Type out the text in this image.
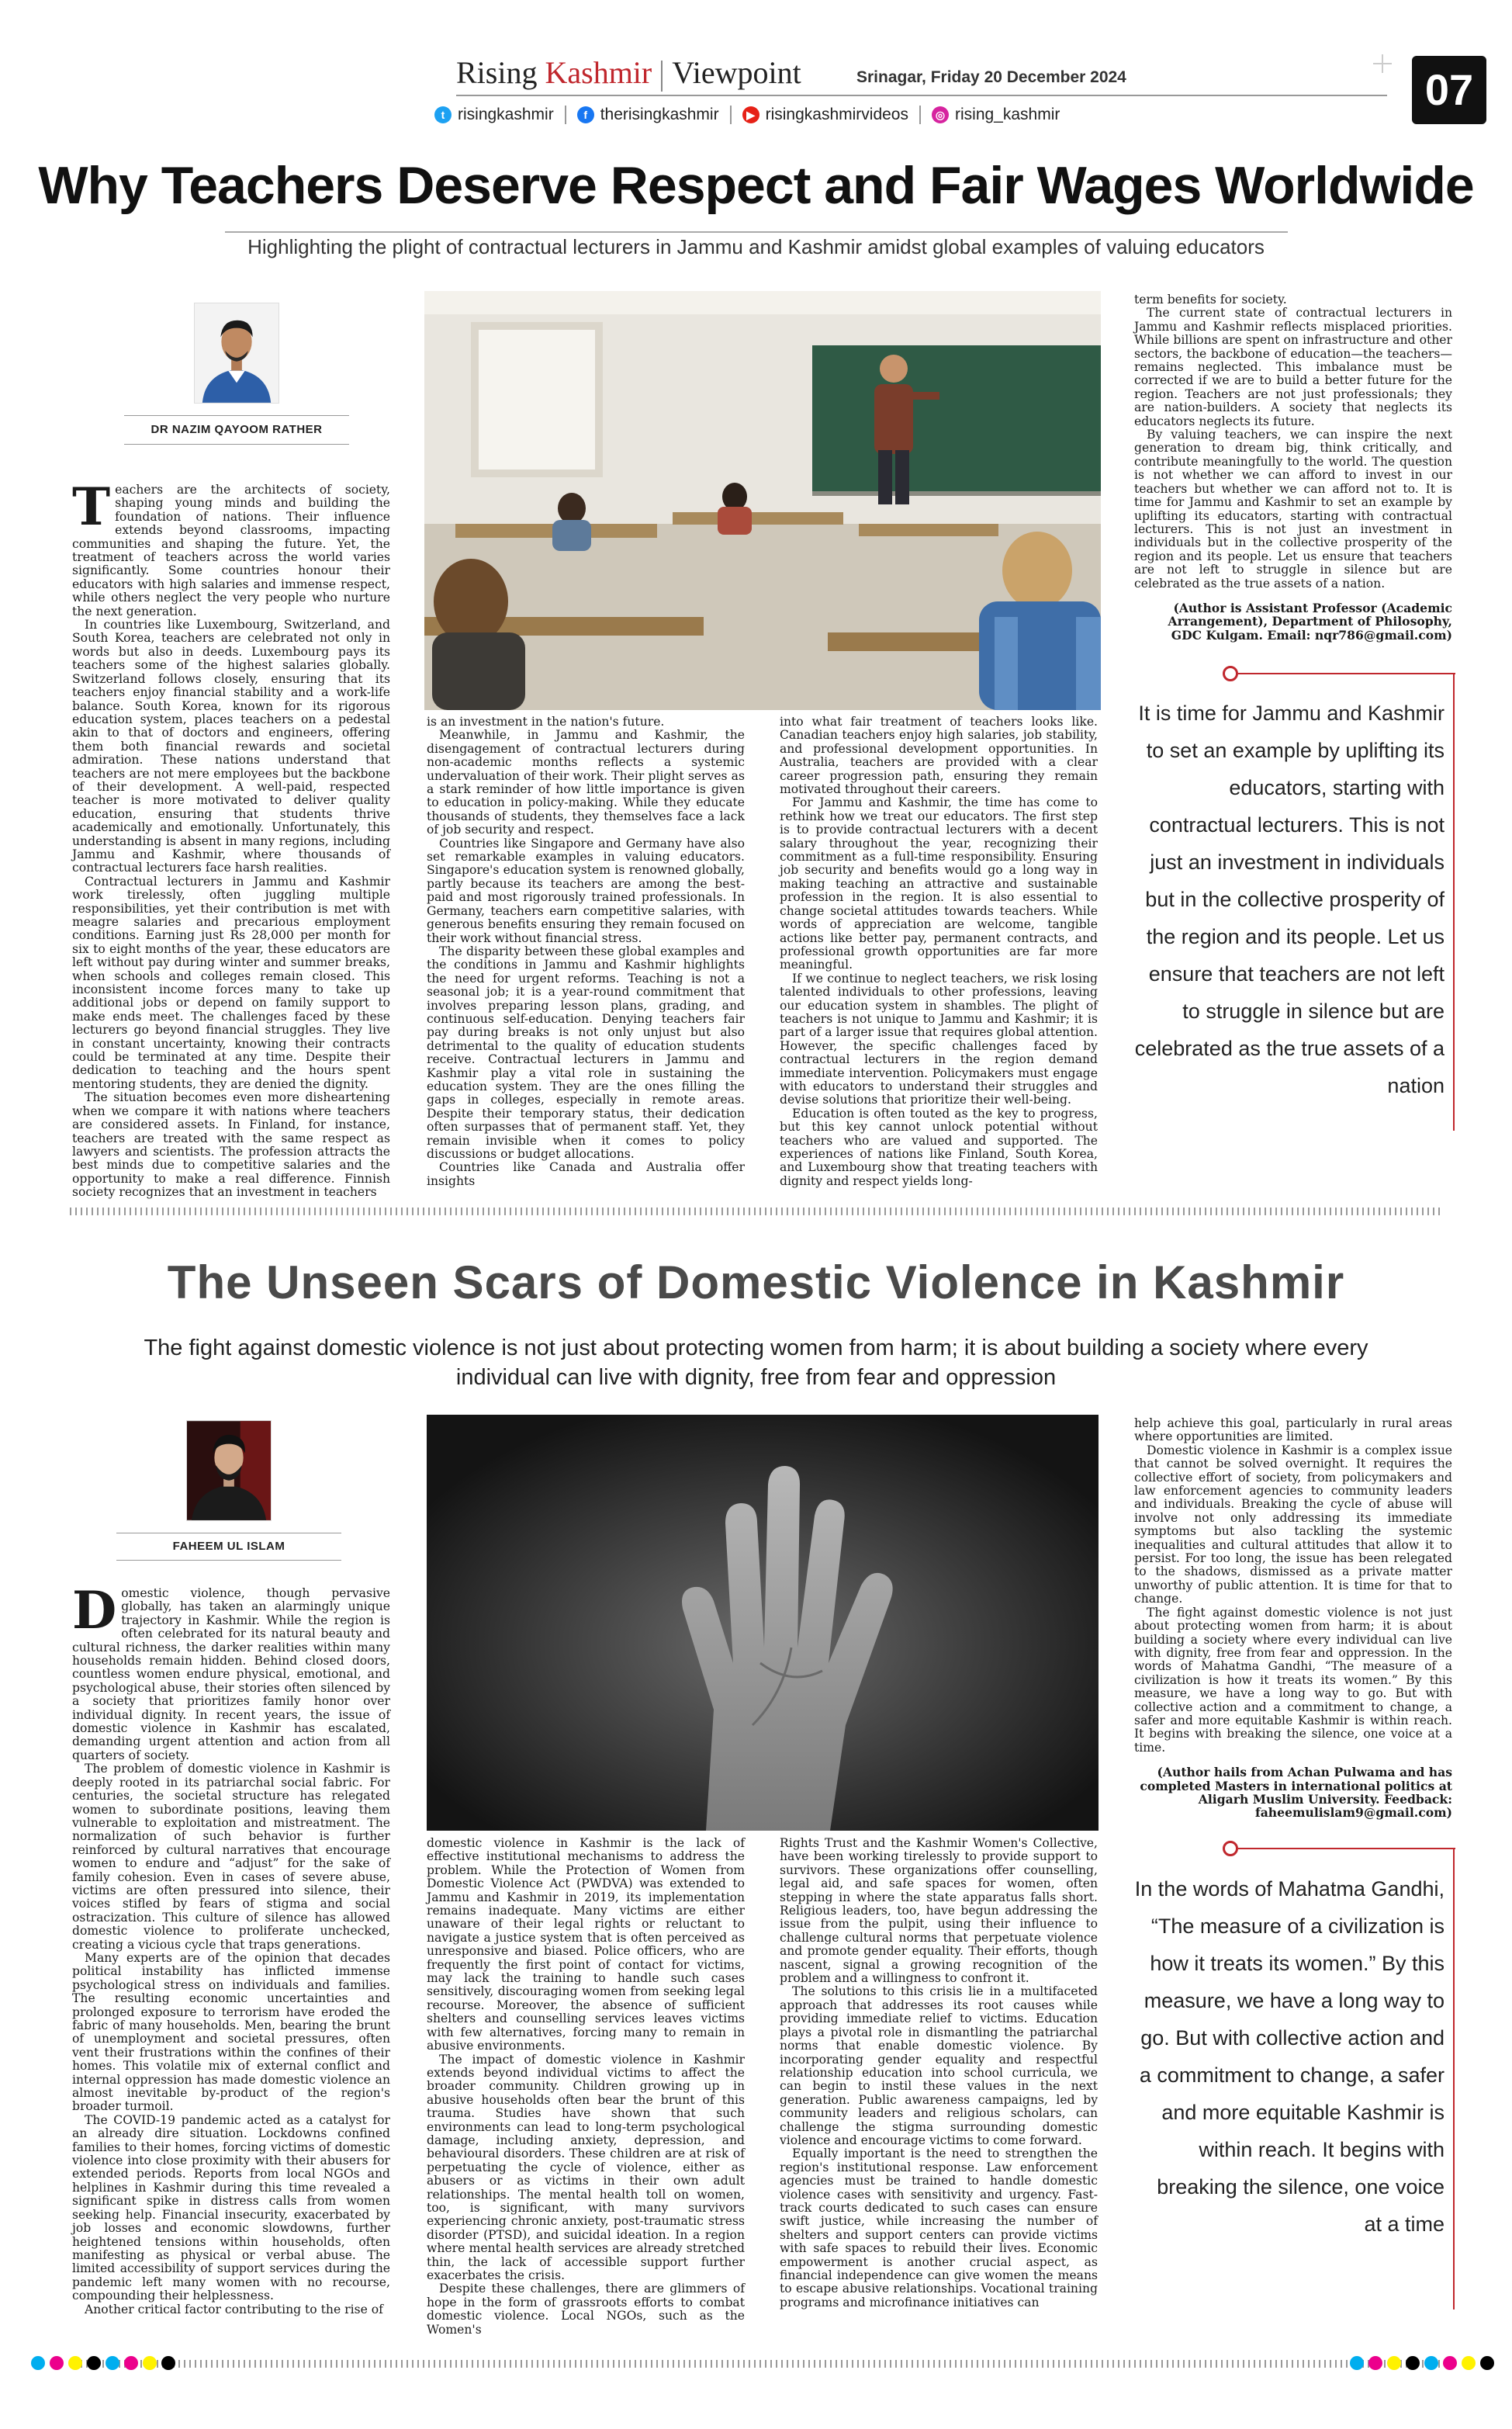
Rising Kashmir Viewpoint	Srinagar, Friday 20 December 2024	07
t risingkashmir	f therisingkashmir	▶ risingkashmirvideos	◎ rising_kashmir
Why Teachers Deserve Respect and Fair Wages Worldwide
Highlighting the plight of contractual lecturers in Jammu and Kashmir amidst global examples of valuing educators
DR NAZIM QAYOOM RATHER

Teachers are the architects of society, shaping young minds and building the foundation of nations. Their influence extends beyond classrooms, impacting communities and shaping the future. Yet, the treatment of teachers across the world varies significantly. Some countries honour their educators with high salaries and immense respect, while others neglect the very people who nurture the next generation.

In countries like Luxembourg, Switzerland, and South Korea, teachers are celebrated not only in words but also in deeds. Luxembourg pays its teachers some of the highest salaries globally. Switzerland follows closely, ensuring that its teachers enjoy financial stability and a work-life balance. South Korea, known for its rigorous education system, places teachers on a pedestal akin to that of doctors and engineers, offering them both financial rewards and societal admiration. These nations understand that teachers are not mere employees but the backbone of their development. A well-paid, respected teacher is more motivated to deliver quality education, ensuring that students thrive academically and emotionally. Unfortunately, this understanding is absent in many regions, including Jammu and Kashmir, where thousands of contractual lecturers face harsh realities.

Contractual lecturers in Jammu and Kashmir work tirelessly, often juggling multiple responsibilities, yet their contribution is met with meagre salaries and precarious employment conditions. Earning just Rs 28,000 per month for six to eight months of the year, these educators are left without pay during winter and summer breaks, when schools and colleges remain closed. This inconsistent income forces many to take up additional jobs or depend on family support to make ends meet. The challenges faced by these lecturers go beyond financial struggles. They live in constant uncertainty, knowing their contracts could be terminated at any time. Despite their dedication to teaching and the hours spent mentoring students, they are denied the dignity.

The situation becomes even more disheartening when we compare it with nations where teachers are considered assets. In Finland, for instance, teachers are treated with the same respect as lawyers and scientists. The profession attracts the best minds due to competitive salaries and the opportunity to make a real difference. Finnish society recognizes that an investment in teachers

is an investment in the nation's future.

Meanwhile, in Jammu and Kashmir, the disengagement of contractual lecturers during non-academic months reflects a systemic undervaluation of their work. Their plight serves as a stark reminder of how little importance is given to education in policy-making. While they educate thousands of students, they themselves face a lack of job security and respect.

Countries like Singapore and Germany have also set remarkable examples in valuing educators. Singapore's education system is renowned globally, partly because its teachers are among the best-paid and most rigorously trained professionals. In Germany, teachers earn competitive salaries, with generous benefits ensuring they remain focused on their work without financial stress.

The disparity between these global examples and the conditions in Jammu and Kashmir highlights the need for urgent reforms. Teaching is not a seasonal job; it is a year-round commitment that involves preparing lesson plans, grading, and continuous self-education. Denying teachers fair pay during breaks is not only unjust but also detrimental to the quality of education students receive. Contractual lecturers in Jammu and Kashmir play a vital role in sustaining the education system. They are the ones filling the gaps in colleges, especially in remote areas. Despite their temporary status, their dedication often surpasses that of permanent staff. Yet, they remain invisible when it comes to policy discussions or budget allocations.

Countries like Canada and Australia offer insights

into what fair treatment of teachers looks like. Canadian teachers enjoy high salaries, job stability, and professional development opportunities. In Australia, teachers are provided with a clear career progression path, ensuring they remain motivated throughout their careers.

For Jammu and Kashmir, the time has come to rethink how we treat our educators. The first step is to provide contractual lecturers with a decent salary throughout the year, recognizing their commitment as a full-time responsibility. Ensuring job security and benefits would go a long way in making teaching an attractive and sustainable profession in the region. It is also essential to change societal attitudes towards teachers. While words of appreciation are welcome, tangible actions like better pay, permanent contracts, and professional growth opportunities are far more meaningful.

If we continue to neglect teachers, we risk losing talented individuals to other professions, leaving our education system in shambles. The plight of teachers is not unique to Jammu and Kashmir; it is part of a larger issue that requires global attention. However, the specific challenges faced by contractual lecturers in the region demand immediate intervention. Policymakers must engage with educators to understand their struggles and devise solutions that prioritize their well-being.

Education is often touted as the key to progress, but this key cannot unlock potential without teachers who are valued and supported. The experiences of nations like Finland, South Korea, and Luxembourg show that treating teachers with dignity and respect yields long-

term benefits for society.

The current state of contractual lecturers in Jammu and Kashmir reflects misplaced priorities. While billions are spent on infrastructure and other sectors, the backbone of education—the teachers—remains neglected. This imbalance must be corrected if we are to build a better future for the region. Teachers are not just professionals; they are nation-builders. A society that neglects its educators neglects its future.

By valuing teachers, we can inspire the next generation to dream big, think critically, and contribute meaningfully to the world. The question is not whether we can afford to invest in our teachers but whether we can afford not to. It is time for Jammu and Kashmir to set an example by uplifting its educators, starting with contractual lecturers. This is not just an investment in individuals but in the collective prosperity of the region and its people. Let us ensure that teachers are not left to struggle in silence but are celebrated as the true assets of a nation.

(Author is Assistant Professor (Academic Arrangement), Department of Philosophy, GDC Kulgam. Email: nqr786@gmail.com)

It is time for Jammu and Kashmir to set an example by uplifting its educators, starting with contractual lecturers. This is not just an investment in individuals but in the collective prosperity of the region and its people. Let us ensure that teachers are not left to struggle in silence but are celebrated as the true assets of a nation
The Unseen Scars of Domestic Violence in Kashmir
The fight against domestic violence is not just about protecting women from harm; it is about building a society where every individual can live with dignity, free from fear and oppression
FAHEEM UL ISLAM

Domestic violence, though pervasive globally, has taken an alarmingly unique trajectory in Kashmir. While the region is often celebrated for its natural beauty and cultural richness, the darker realities within many households remain hidden. Behind closed doors, countless women endure physical, emotional, and psychological abuse, their stories often silenced by a society that prioritizes family honor over individual dignity. In recent years, the issue of domestic violence in Kashmir has escalated, demanding urgent attention and action from all quarters of society.

The problem of domestic violence in Kashmir is deeply rooted in its patriarchal social fabric. For centuries, the societal structure has relegated women to subordinate positions, leaving them vulnerable to exploitation and mistreatment. The normalization of such behavior is further reinforced by cultural narratives that encourage women to endure and “adjust” for the sake of family cohesion. Even in cases of severe abuse, victims are often pressured into silence, their voices stifled by fears of stigma and social ostracization. This culture of silence has allowed domestic violence to proliferate unchecked, creating a vicious cycle that traps generations.

Many experts are of the opinion that decades political instability has inflicted immense psychological stress on individuals and families. The resulting economic uncertainties and prolonged exposure to terrorism have eroded the fabric of many households. Men, bearing the brunt of unemployment and societal pressures, often vent their frustrations within the confines of their homes. This volatile mix of external conflict and internal oppression has made domestic violence an almost inevitable by-product of the region's broader turmoil.

The COVID-19 pandemic acted as a catalyst for an already dire situation. Lockdowns confined families to their homes, forcing victims of domestic violence into close proximity with their abusers for extended periods. Reports from local NGOs and helplines in Kashmir during this time revealed a significant spike in distress calls from women seeking help. Financial insecurity, exacerbated by job losses and economic slowdowns, further heightened tensions within households, often manifesting as physical or verbal abuse. The limited accessibility of support services during the pandemic left many women with no recourse, compounding their helplessness.

Another critical factor contributing to the rise of

domestic violence in Kashmir is the lack of effective institutional mechanisms to address the problem. While the Protection of Women from Domestic Violence Act (PWDVA) was extended to Jammu and Kashmir in 2019, its implementation remains inadequate. Many victims are either unaware of their legal rights or reluctant to navigate a justice system that is often perceived as unresponsive and biased. Police officers, who are frequently the first point of contact for victims, may lack the training to handle such cases sensitively, discouraging women from seeking legal recourse. Moreover, the absence of sufficient shelters and counselling services leaves victims with few alternatives, forcing many to remain in abusive environments.

The impact of domestic violence in Kashmir extends beyond individual victims to affect the broader community. Children growing up in abusive households often bear the brunt of this trauma. Studies have shown that such environments can lead to long-term psychological damage, including anxiety, depression, and behavioural disorders. These children are at risk of perpetuating the cycle of violence, either as abusers or as victims in their own adult relationships. The mental health toll on women, too, is significant, with many survivors experiencing chronic anxiety, post-traumatic stress disorder (PTSD), and suicidal ideation. In a region where mental health services are already stretched thin, the lack of accessible support further exacerbates the crisis.

Despite these challenges, there are glimmers of hope in the form of grassroots efforts to combat domestic violence. Local NGOs, such as the Women's

Rights Trust and the Kashmir Women's Collective, have been working tirelessly to provide support to survivors. These organizations offer counselling, legal aid, and safe spaces for women, often stepping in where the state apparatus falls short. Religious leaders, too, have begun addressing the issue from the pulpit, using their influence to challenge cultural norms that perpetuate violence and promote gender equality. Their efforts, though nascent, signal a growing recognition of the problem and a willingness to confront it.

The solutions to this crisis lie in a multifaceted approach that addresses its root causes while providing immediate relief to victims. Education plays a pivotal role in dismantling the patriarchal norms that enable domestic violence. By incorporating gender equality and respectful relationship education into school curricula, we can begin to instil these values in the next generation. Public awareness campaigns, led by community leaders and religious scholars, can challenge the stigma surrounding domestic violence and encourage victims to come forward.

Equally important is the need to strengthen the region's institutional response. Law enforcement agencies must be trained to handle domestic violence cases with sensitivity and urgency. Fast-track courts dedicated to such cases can ensure swift justice, while increasing the number of shelters and support centers can provide victims with safe spaces to rebuild their lives. Economic empowerment is another crucial aspect, as financial independence can give women the means to escape abusive relationships. Vocational training programs and microfinance initiatives can

help achieve this goal, particularly in rural areas where opportunities are limited.

Domestic violence in Kashmir is a complex issue that cannot be solved overnight. It requires the collective effort of society, from policymakers and law enforcement agencies to community leaders and individuals. Breaking the cycle of abuse will involve not only addressing its immediate symptoms but also tackling the systemic inequalities and cultural attitudes that allow it to persist. For too long, the issue has been relegated to the shadows, dismissed as a private matter unworthy of public attention. It is time for that to change.

The fight against domestic violence is not just about protecting women from harm; it is about building a society where every individual can live with dignity, free from fear and oppression. In the words of Mahatma Gandhi, “The measure of a civilization is how it treats its women.” By this measure, we have a long way to go. But with collective action and a commitment to change, a safer and more equitable Kashmir is within reach. It begins with breaking the silence, one voice at a time.

(Author hails from Achan Pulwama and has completed Masters in international politics at Aligarh Muslim University. Feedback: faheemulislam9@gmail.com)

In the words of Mahatma Gandhi, “The measure of a civilization is how it treats its women.” By this measure, we have a long way to go. But with collective action and a commitment to change, a safer and more equitable Kashmir is within reach. It begins with breaking the silence, one voice at a time
